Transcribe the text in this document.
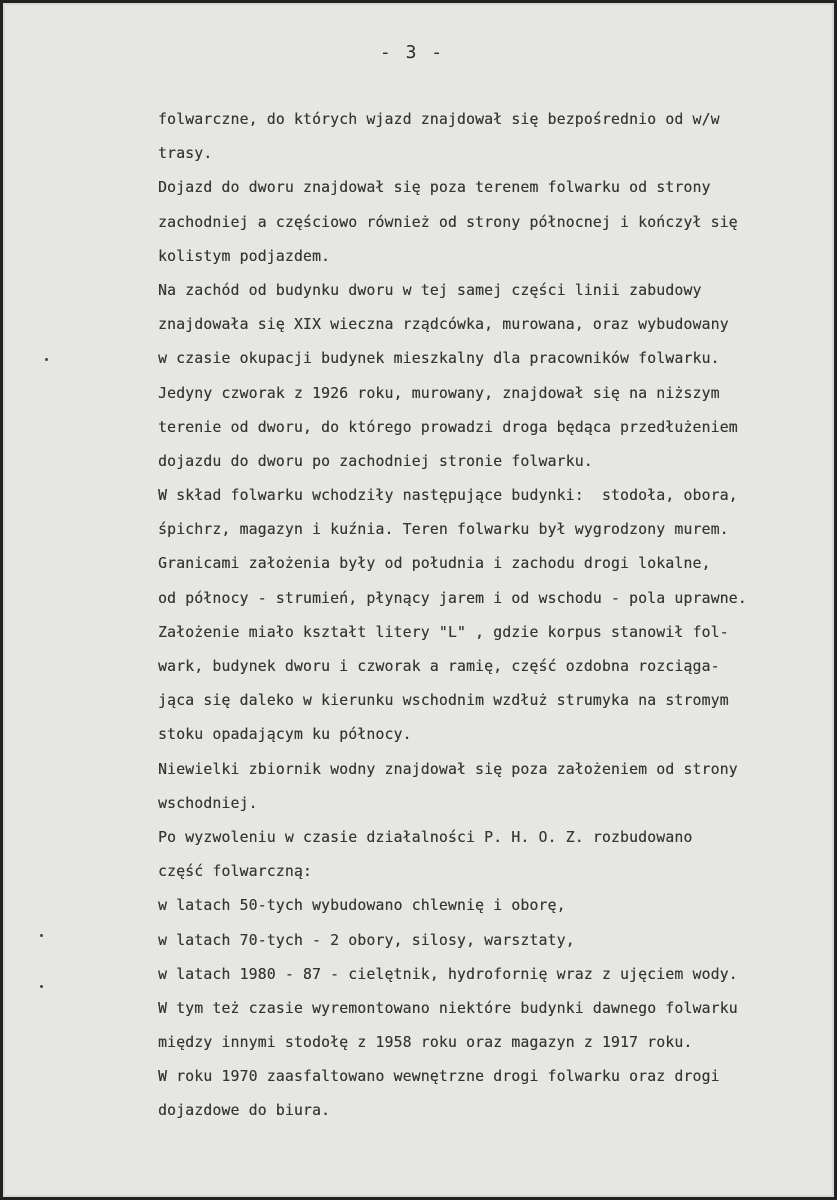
- 3 -
folwarczne, do których wjazd znajdował się bezpośrednio od w/w
trasy.
Dojazd do dworu znajdował się poza terenem folwarku od strony
zachodniej a częściowo również od strony północnej i kończył się
kolistym podjazdem.
Na zachód od budynku dworu w tej samej części linii zabudowy
znajdowała się XIX wieczna rządcówka, murowana, oraz wybudowany
w czasie okupacji budynek mieszkalny dla pracowników folwarku.
Jedyny czworak z 1926 roku, murowany, znajdował się na niższym
terenie od dworu, do którego prowadzi droga będąca przedłużeniem
dojazdu do dworu po zachodniej stronie folwarku.
W skład folwarku wchodziły następujące budynki:  stodoła, obora,
śpichrz, magazyn i kuźnia. Teren folwarku był wygrodzony murem.
Granicami założenia były od południa i zachodu drogi lokalne,
od północy - strumień, płynący jarem i od wschodu - pola uprawne.
Założenie miało kształt litery "L" , gdzie korpus stanowił fol-
wark, budynek dworu i czworak a ramię, część ozdobna rozciąga-
jąca się daleko w kierunku wschodnim wzdłuż strumyka na stromym
stoku opadającym ku północy.
Niewielki zbiornik wodny znajdował się poza założeniem od strony
wschodniej.
Po wyzwoleniu w czasie działalności P. H. O. Z. rozbudowano
część folwarczną:
w latach 50-tych wybudowano chlewnię i oborę,
w latach 70-tych - 2 obory, silosy, warsztaty,
w latach 1980 - 87 - cielętnik, hydrofornię wraz z ujęciem wody.
W tym też czasie wyremontowano niektóre budynki dawnego folwarku
między innymi stodołę z 1958 roku oraz magazyn z 1917 roku.
W roku 1970 zaasfaltowano wewnętrzne drogi folwarku oraz drogi
dojazdowe do biura.
